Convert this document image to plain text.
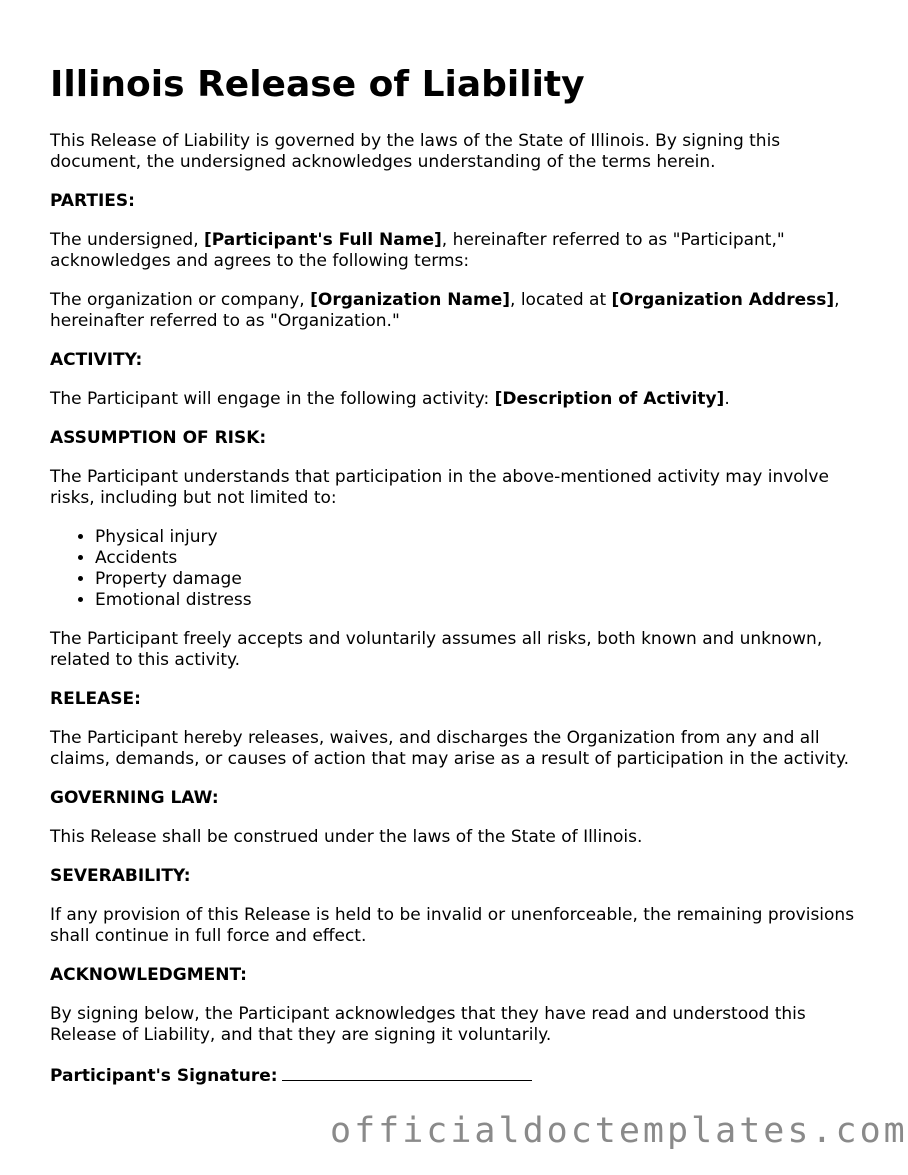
Illinois Release of Liability

This Release of Liability is governed by the laws of the State of Illinois. By signing this document, the undersigned acknowledges understanding of the terms herein.

PARTIES:

The undersigned, [Participant's Full Name], hereinafter referred to as "Participant," acknowledges and agrees to the following terms:

The organization or company, [Organization Name], located at [Organization Address], hereinafter referred to as "Organization."

ACTIVITY:

The Participant will engage in the following activity: [Description of Activity].

ASSUMPTION OF RISK:

The Participant understands that participation in the above-mentioned activity may involve risks, including but not limited to:

• Physical injury
• Accidents
• Property damage
• Emotional distress

The Participant freely accepts and voluntarily assumes all risks, both known and unknown, related to this activity.

RELEASE:

The Participant hereby releases, waives, and discharges the Organization from any and all claims, demands, or causes of action that may arise as a result of participation in the activity.

GOVERNING LAW:

This Release shall be construed under the laws of the State of Illinois.

SEVERABILITY:

If any provision of this Release is held to be invalid or unenforceable, the remaining provisions shall continue in full force and effect.

ACKNOWLEDGMENT:

By signing below, the Participant acknowledges that they have read and understood this Release of Liability, and that they are signing it voluntarily.

Participant's Signature:
officialdoctemplates.com
